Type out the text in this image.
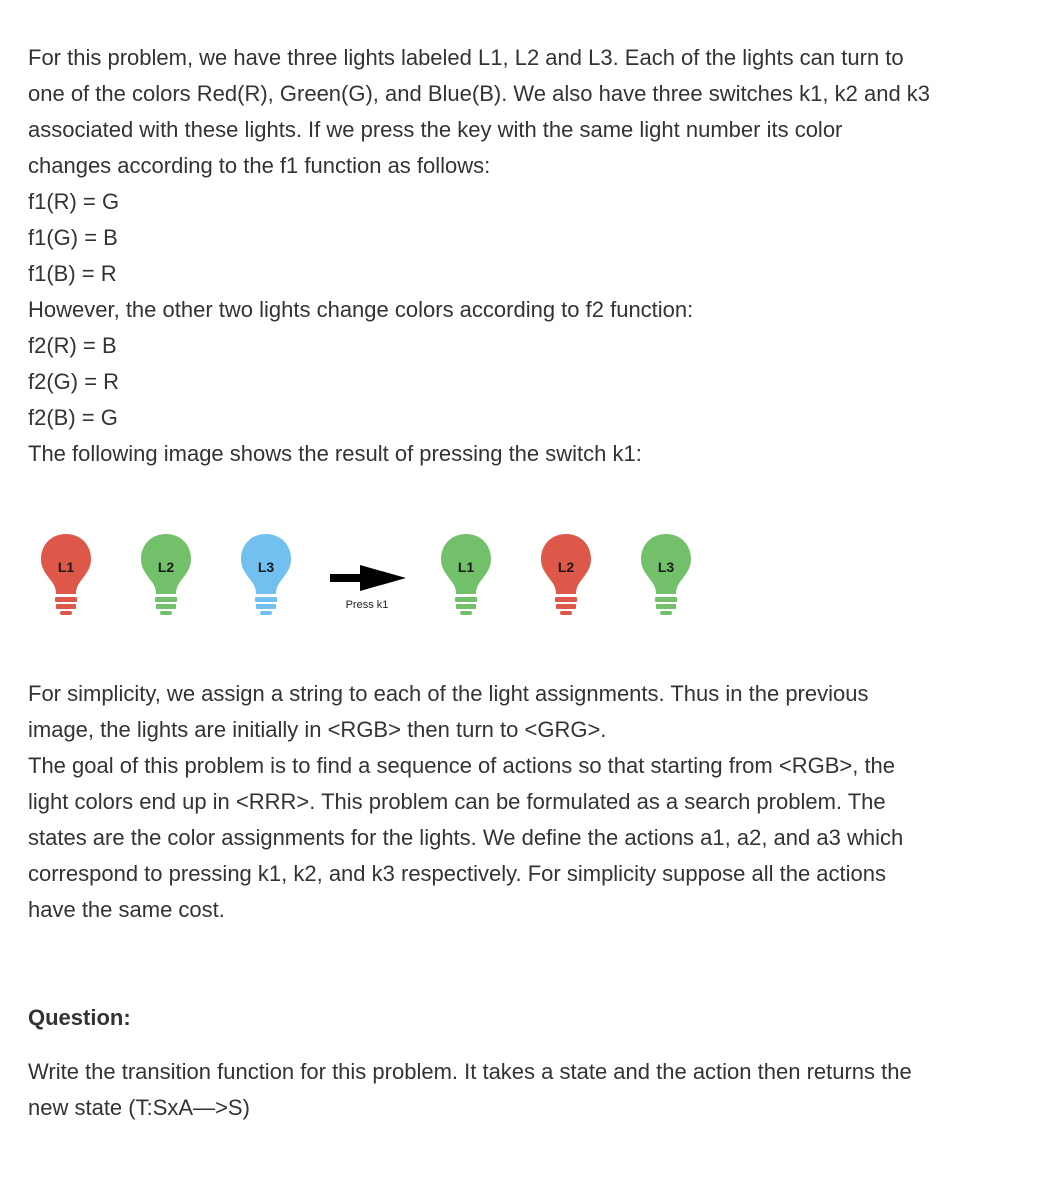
For this problem, we have three lights labeled L1, L2 and L3. Each of the lights can turn to
one of the colors Red(R), Green(G), and Blue(B). We also have three switches k1, k2 and k3
associated with these lights. If we press the key with the same light number its color
changes according to the f1 function as follows:
f1(R) = G
f1(G) = B
f1(B) = R
However, the other two lights change colors according to f2 function:
f2(R) = B
f2(G) = R
f2(B) = G
The following image shows the result of pressing the switch k1:

L1	L2	L3
Press k1
L1	L2	L3

For simplicity, we assign a string to each of the light assignments. Thus in the previous
image, the lights are initially in <RGB> then turn to <GRG>.
The goal of this problem is to find a sequence of actions so that starting from <RGB>, the
light colors end up in <RRR>. This problem can be formulated as a search problem. The
states are the color assignments for the lights. We define the actions a1, a2, and a3 which
correspond to pressing k1, k2, and k3 respectively. For simplicity suppose all the actions
have the same cost.

Question:

Write the transition function for this problem. It takes a state and the action then returns the
new state (T:SxA—>S)
